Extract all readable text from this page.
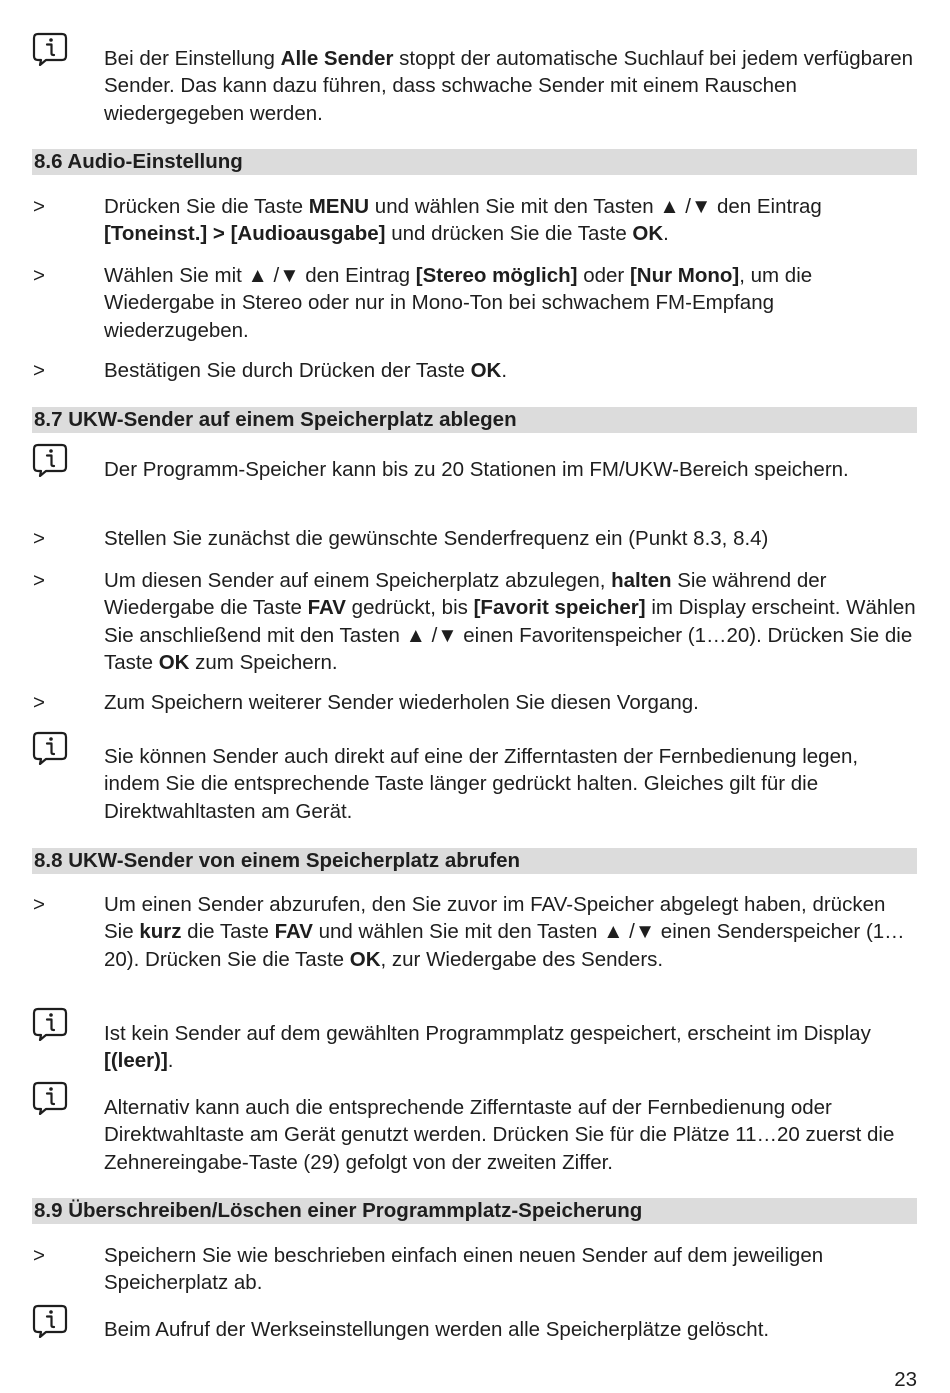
Bei der Einstellung Alle Sender stoppt der automatische Suchlauf bei jedem verfügbaren Sender. Das kann dazu führen, dass schwache Sender mit einem Rauschen wiedergegeben werden.
8.6 Audio-Einstellung
>	Drücken Sie die Taste MENU und wählen Sie mit den Tasten ▲ /▼ den Eintrag [Toneinst.] > [Audioausgabe] und drücken Sie die Taste OK.
>	Wählen Sie mit ▲ /▼ den Eintrag [Stereo möglich] oder [Nur Mono], um die Wiedergabe in Stereo oder nur in Mono-Ton bei schwachem FM-Empfang wiederzugeben.
>	Bestätigen Sie durch Drücken der Taste OK.
8.7 UKW-Sender auf einem Speicherplatz ablegen
Der Programm-Speicher kann bis zu 20 Stationen im FM/UKW-Bereich speichern.
>	Stellen Sie zunächst die gewünschte Senderfrequenz ein (Punkt 8.3, 8.4)
>	Um diesen Sender auf einem Speicherplatz abzulegen, halten Sie während der Wiedergabe die Taste FAV gedrückt, bis [Favorit speicher] im Display erscheint. Wählen Sie anschließend mit den Tasten ▲ /▼ einen Favoritenspeicher (1…20). Drücken Sie die Taste OK zum Speichern.
>	Zum Speichern weiterer Sender wiederholen Sie diesen Vorgang.
Sie können Sender auch direkt auf eine der Zifferntasten der Fernbedienung legen, indem Sie die entsprechende Taste länger gedrückt halten. Gleiches gilt für die Direktwahltasten am Gerät.
8.8 UKW-Sender von einem Speicherplatz abrufen
>	Um einen Sender abzurufen, den Sie zuvor im FAV-Speicher abgelegt haben, drücken Sie kurz die Taste FAV und wählen Sie mit den Tasten ▲ /▼ einen Senderspeicher (1…20). Drücken Sie die Taste OK, zur Wiedergabe des Senders.
Ist kein Sender auf dem gewählten Programmplatz gespeichert, erscheint im Display [(leer)].
Alternativ kann auch die entsprechende Zifferntaste auf der Fernbedienung oder Direktwahltaste am Gerät genutzt werden. Drücken Sie für die Plätze 11…20 zuerst die Zehnereingabe-Taste (29) gefolgt von der zweiten Ziffer.
8.9 Überschreiben/Löschen einer Programmplatz-Speicherung
>	Speichern Sie wie beschrieben einfach einen neuen Sender auf dem jeweiligen Speicherplatz ab.
Beim Aufruf der Werkseinstellungen werden alle Speicherplätze gelöscht.
23
